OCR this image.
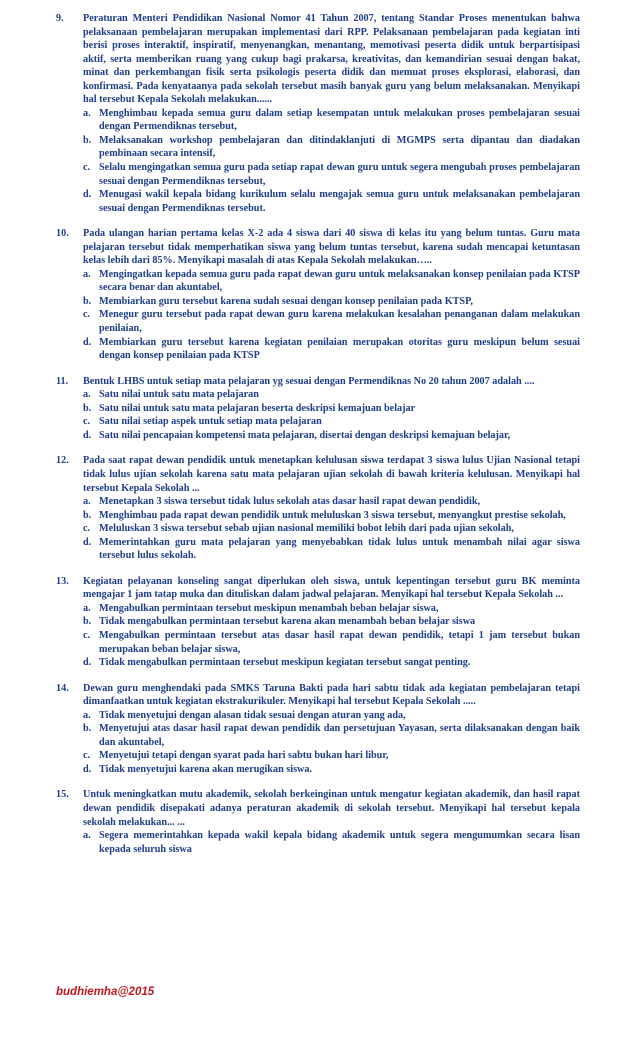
9. Peraturan Menteri Pendidikan Nasional Nomor 41 Tahun 2007, tentang Standar Proses menentukan bahwa pelaksanaan pembelajaran merupakan implementasi dari RPP. Pelaksanaan pembelajaran pada kegiatan inti berisi proses interaktif, inspiratif, menyenangkan, menantang, memotivasi peserta didik untuk berpartisipasi aktif, serta memberikan ruang yang cukup bagi prakarsa, kreativitas, dan kemandirian sesuai dengan bakat, minat dan perkembangan fisik serta psikologis peserta didik dan memuat proses eksplorasi, elaborasi, dan konfirmasi. Pada kenyataanya pada sekolah tersebut masih banyak guru yang belum melaksanakan. Menyikapi hal tersebut Kepala Sekolah melakukan......
a. Menghimbau kepada semua guru dalam setiap kesempatan untuk melakukan proses pembelajaran sesuai dengan Permendiknas tersebut,
b. Melaksanakan workshop pembelajaran dan ditindaklanjuti di MGMPS serta dipantau dan diadakan pembinaan secara intensif,
c. Selalu mengingatkan semua guru pada setiap rapat dewan guru untuk segera mengubah proses pembelajaran sesuai dengan Permendiknas tersebut,
d. Menugasi wakil kepala bidang kurikulum selalu mengajak semua guru untuk melaksanakan pembelajaran sesuai dengan Permendiknas tersebut.
10. Pada ulangan harian pertama kelas X-2 ada 4 siswa dari 40 siswa di kelas itu yang belum tuntas. Guru mata pelajaran tersebut tidak memperhatikan siswa yang belum tuntas tersebut, karena sudah mencapai ketuntasan kelas lebih dari 85%. Menyikapi masalah di atas Kepala Sekolah melakukan…..
a. Mengingatkan kepada semua guru pada rapat dewan guru untuk melaksanakan konsep penilaian pada KTSP secara benar dan akuntabel,
b. Membiarkan guru tersebut karena sudah sesuai dengan konsep penilaian pada KTSP,
c. Menegur guru tersebut pada rapat dewan guru karena melakukan kesalahan penanganan dalam melakukan penilaian,
d. Membiarkan guru tersebut karena kegiatan penilaian merupakan otoritas guru meskipun belum sesuai dengan konsep penilaian pada KTSP
11. Bentuk LHBS untuk setiap mata pelajaran yg sesuai dengan Permendiknas No 20 tahun 2007 adalah ....
a. Satu nilai untuk satu mata pelajaran
b. Satu nilai untuk satu mata pelajaran beserta deskripsi kemajuan belajar
c. Satu nilai setiap aspek untuk setiap mata pelajaran
d. Satu nilai pencapaian kompetensi mata pelajaran, disertai dengan deskripsi kemajuan belajar,
12. Pada saat rapat dewan pendidik untuk menetapkan kelulusan siswa terdapat 3 siswa lulus Ujian Nasional tetapi tidak lulus ujian sekolah karena satu mata pelajaran ujian sekolah di bawah kriteria kelulusan. Menyikapi hal tersebut Kepala Sekolah ...
a. Menetapkan 3 siswa tersebut tidak lulus sekolah atas dasar hasil rapat dewan pendidik,
b. Menghimbau pada rapat dewan pendidik untuk meluluskan 3 siswa tersebut, menyangkut prestise sekolah,
c. Meluluskan 3 siswa tersebut sebab ujian nasional memiliki bobot lebih dari pada ujian sekolah,
d. Memerintahkan guru mata pelajaran yang menyebabkan tidak lulus untuk menambah nilai agar siswa tersebut lulus sekolah.
13. Kegiatan pelayanan konseling sangat diperlukan oleh siswa, untuk kepentingan tersebut guru BK meminta mengajar 1 jam tatap muka dan dituliskan dalam jadwal pelajaran. Menyikapi hal tersebut Kepala Sekolah ...
a. Mengabulkan permintaan tersebut meskipun menambah beban belajar siswa,
b. Tidak mengabulkan permintaan tersebut karena akan menambah beban belajar siswa
c. Mengabulkan permintaan tersebut atas dasar hasil rapat dewan pendidik, tetapi 1 jam tersebut bukan merupakan beban belajar siswa,
d. Tidak mengabulkan permintaan tersebut meskipun kegiatan tersebut sangat penting.
14. Dewan guru menghendaki pada SMKS Taruna Bakti pada hari sabtu tidak ada kegiatan pembelajaran tetapi dimanfaatkan untuk kegiatan ekstrakurikuler. Menyikapi hal tersebut Kepala Sekolah .....
a. Tidak menyetujui dengan alasan tidak sesuai dengan aturan yang ada,
b. Menyetujui atas dasar hasil rapat dewan pendidik dan persetujuan Yayasan, serta dilaksanakan dengan baik dan akuntabel,
c. Menyetujui tetapi dengan syarat pada hari sabtu bukan hari libur,
d. Tidak menyetujui karena akan merugikan siswa.
15. Untuk meningkatkan mutu akademik, sekolah berkeinginan untuk mengatur kegiatan akademik, dan hasil rapat dewan pendidik disepakati adanya peraturan akademik di sekolah tersebut. Menyikapi hal tersebut kepala sekolah melakukan... ...
a. Segera memerintahkan kepada wakil kepala bidang akademik untuk segera mengumumkan secara lisan kepada seluruh siswa
budhiemha@2015
